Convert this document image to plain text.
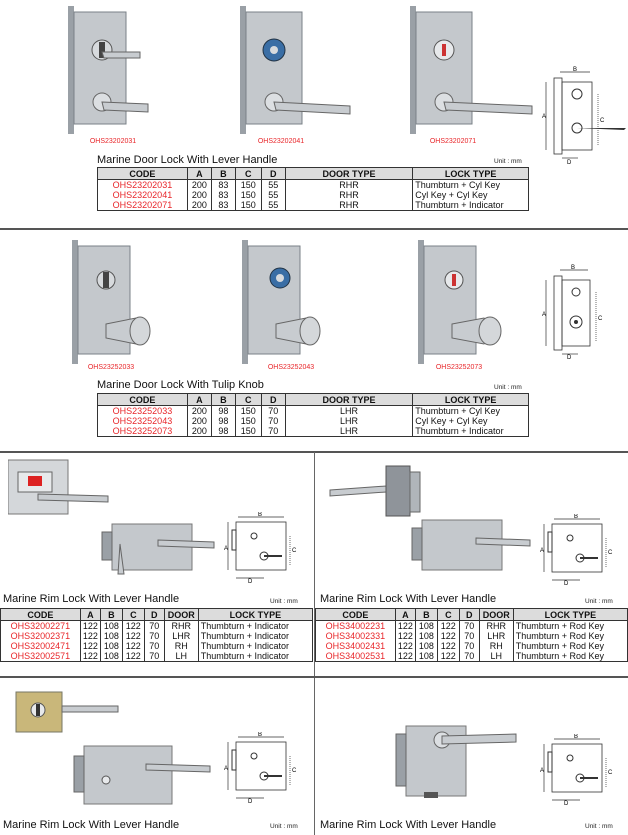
OHS23202031	OHS23202041	OHS23202071
B
A
C
D
Marine Door Lock With Lever Handle	Unit : mm
CODE	A	B	C	D	DOOR TYPE	LOCK TYPE
OHS23202031	200	83	150	55	RHR	Thumbturn + Cyl Key
OHS23202041	200	83	150	55	RHR	Cyl Key + Cyl Key
OHS23202071	200	83	150	55	RHR	Thumbturn + Indicator
OHS23252033	OHS23252043	OHS23252073
B
A
C
D
Marine Door Lock With Tulip Knob	Unit : mm
CODE	A	B	C	D	DOOR TYPE	LOCK TYPE
OHS23252033	200	98	150	70	LHR	Thumbturn + Cyl Key
OHS23252043	200	98	150	70	LHR	Cyl Key + Cyl Key
OHS23252073	200	98	150	70	LHR	Thumbturn + Indicator
B
A	C
D
Marine Rim Lock With Lever Handle	Unit : mm
CODE	A	B	C	D	DOOR	LOCK TYPE
OHS32002271	122	108	122	70	RHR	Thumbturn + Indicator
OHS32002371	122	108	122	70	LHR	Thumbturn + Indicator
OHS32002471	122	108	122	70	RH	Thumbturn + Indicator
OHS32002571	122	108	122	70	LH	Thumbturn + Indicator
B
A	C
D
Marine Rim Lock With Lever Handle	Unit : mm
CODE	A	B	C	D	DOOR	LOCK TYPE
OHS34002231	122	108	122	70	RHR	Thumbturn + Rod Key
OHS34002331	122	108	122	70	LHR	Thumbturn + Rod Key
OHS34002431	122	108	122	70	RH	Thumbturn + Rod Key
OHS34002531	122	108	122	70	LH	Thumbturn + Rod Key
B
A	C
D
Marine Rim Lock With Lever Handle	Unit : mm
B
A	C
D
Marine Rim Lock With Lever Handle	Unit : mm
